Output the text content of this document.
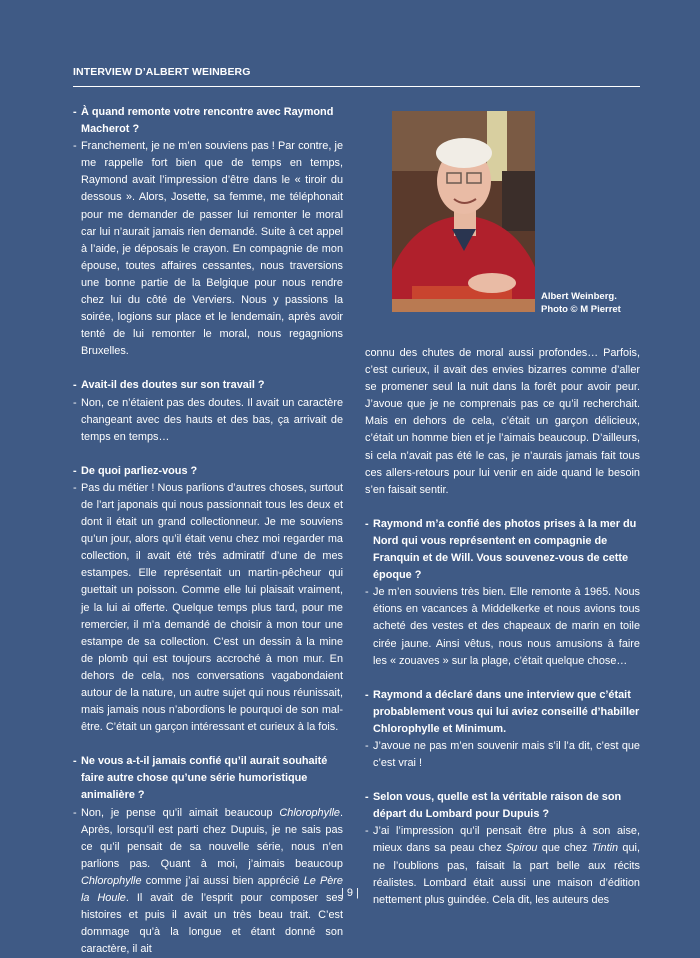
INTERVIEW D’ALBERT WEINBERG
Albert Weinberg.
Photo © M Pierret
- À quand remonte votre rencontre avec Raymond Macherot ?
- Franchement, je ne m’en souviens pas ! Par contre, je me rappelle fort bien que de temps en temps, Raymond avait l’impression d’être dans le « tiroir du dessous ». Alors, Josette, sa femme, me téléphonait pour me demander de passer lui remonter le moral car lui n’aurait jamais rien demandé. Suite à cet appel à l’aide, je déposais le crayon. En compagnie de mon épouse, toutes affaires cessantes, nous traversions une bonne partie de la Belgique pour nous rendre chez lui du côté de Verviers. Nous y passions la soirée, logions sur place et le lendemain, après avoir tenté de lui remonter le moral, nous regagnions Bruxelles.
- Avait-il des doutes sur son travail ?
- Non, ce n’étaient pas des doutes. Il avait un caractère changeant avec des hauts et des bas, ça arrivait de temps en temps…
- De quoi parliez-vous ?
- Pas du métier ! Nous parlions d’autres choses, surtout de l’art japonais qui nous passionnait tous les deux et dont il était un grand collectionneur. Je me souviens qu’un jour, alors qu’il était venu chez moi regarder ma collection, il avait été très admiratif d’une de mes estampes. Elle représentait un martin-pêcheur qui guettait un poisson. Comme elle lui plaisait vraiment, je la lui ai offerte. Quelque temps plus tard, pour me remercier, il m’a demandé de choisir à mon tour une estampe de sa collection. C’est un dessin à la mine de plomb qui est toujours accroché à mon mur. En dehors de cela, nos conversations vagabondaient autour de la nature, un autre sujet qui nous réunissait, mais jamais nous n’abordions le pourquoi de son mal-être. C’était un garçon intéressant et curieux à la fois.
- Ne vous a-t-il jamais confié qu’il aurait souhaité faire autre chose qu’une série humoristique animalière ?
- Non, je pense qu’il aimait beaucoup Chlorophylle. Après, lorsqu’il est parti chez Dupuis, je ne sais pas ce qu’il pensait de sa nouvelle série, nous n’en parlions pas. Quant à moi, j’aimais beaucoup Chlorophylle comme j’ai aussi bien apprécié Le Père la Houle. Il avait de l’esprit pour composer ses histoires et puis il avait un très beau trait. C’est dommage qu’à la longue et étant donné son caractère, il ait

connu des chutes de moral aussi profondes… Parfois, c’est curieux, il avait des envies bizarres comme d’aller se promener seul la nuit dans la forêt pour avoir peur. J’avoue que je ne comprenais pas ce qu’il recherchait. Mais en dehors de cela, c’était un garçon délicieux, c’était un homme bien et je l’aimais beaucoup. D’ailleurs, si cela n’avait pas été le cas, je n’aurais jamais fait tous ces allers-retours pour lui venir en aide quand le besoin s’en faisait sentir.

- Raymond m’a confié des photos prises à la mer du Nord qui vous représentent en compagnie de Franquin et de Will. Vous souvenez-vous de cette époque ?
- Je m’en souviens très bien. Elle remonte à 1965. Nous étions en vacances à Middelkerke et nous avions tous acheté des vestes et des chapeaux de marin en toile cirée jaune. Ainsi vêtus, nous nous amusions à faire les « zouaves » sur la plage, c’était quelque chose…
- Raymond a déclaré dans une interview que c’était probablement vous qui lui aviez conseillé d’habiller Chlorophylle et Minimum.
- J’avoue ne pas m’en souvenir mais s’il l’a dit, c’est que c’est vrai !
- Selon vous, quelle est la véritable raison de son départ du Lombard pour Dupuis ?
- J’ai l’impression qu’il pensait être plus à son aise, mieux dans sa peau chez Spirou que chez Tintin qui, ne l’oublions pas, faisait la part belle aux récits réalistes. Lombard était aussi une maison d’édition nettement plus guindée. Cela dit, les auteurs des
| 9 |
